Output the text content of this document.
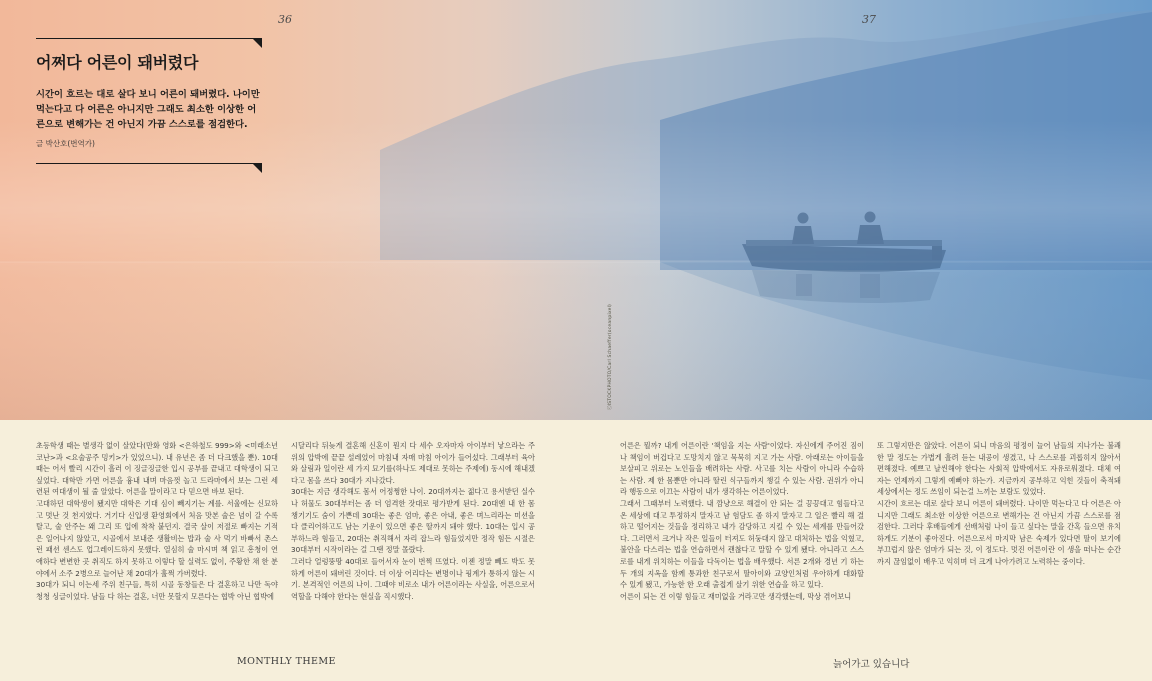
36	37
어쩌다 어른이 돼버렸다

시간이 흐르는 대로 살다 보니 어른이 돼버렸다. 나이만 먹는다고 다 어른은 아니지만 그래도 최소한 이상한 어른으로 변해가는 건 아닌지 가끔 스스로를 점검한다.

글 박산호(번역가)

ⓒISTOCKPHOTO/Carl Schaeffer(oceanpixel)

초등학생 때는 별생각 없이 살았다(만화 영화 <은하철도 999>와 <미래소년 코난>과 <요술공주 밍키>가 있었으니). 내 유년은 좀 더 다크했을 뿐). 10대 때는 어서 빨리 시간이 흘러 이 징글징글한 입시 공부를 끝내고 대학생이 되고 싶었다. 대학만 가면 어른을 흉내 내며 마음껏 놀고 드라마에서 보는 그런 세련된 여대생이 될 줄 알았다. 어른을 말이라고 다 믿으면 바보 된다.

고대하던 대학생이 됐지만 대학은 기대 심이 빼지기는 계를. 서울에는 신묘하고 멋난 것 천지였다. 거기다 신입생 환영회에서 처음 맛본 술은 넘이 갈 수록 탈고, 술 안주는 왜 그리 또 입에 착착 붙던지. 결국 살이 저절로 빠지는 기적은 일어나지 않았고, 시골에서 보내준 생활비는 밥과 술 사 먹기 바빠서 촌스런 패션 센스도 업그레이드하지 못했다. 열심히 술 마시며 책 읽고 흥청이 연애하다 변변한 곳 취직도 하지 못하고 이렇다 할 실력도 없이, 주황한 채 한 분야에서 소주 2병으로 늘어난 채 20대가 훌쩍 가버렸다.

30대가 되니 이는세 주위 친구들, 특히 시골 동창들은 다 결혼하고 나만 독야청청 싱글이었다. 남들 다 하는 결혼, 너만 못할지 모른다는 협박 아닌 협박에

시달리다 뒤늦게 결혼해 신혼이 뭔지 다 세수 오자마자 아이부터 낳으라는 주위의 압박에 끝끝 설레었어 마침내 자매 마침 아이가 들어섰다. 그래부터 육아와 살림과 일이란 세 가지 묘기를(하나도 제대로 못하는 주제에) 동시에 해내겠다고 몸을 쓰다 30대가 지나갔다.

30대는 지금 생각해도 몸서 어정쩡한 나이. 20대까지는 젊다고 용서받던 실수나 허물도 30대부터는 좀 더 엄격한 잣대로 평가받게 된다. 20대엔 내 한 몸 챙기기도 숨이 가쁜데 30대는 좋은 엄마, 좋은 아내, 좋은 며느리라는 미션을 다 클리어하고도 남는 기운이 있으면 좋은 딸까지 돼야 했다. 10대는 입시 공부하느라 힘들고, 20대는 취직해서 자리 잡느라 힘들었지만 정작 힘든 시절은 30대부터 시작이라는 걸 그땐 정말 몰랐다.

그러다 얼렁뚱땅 40대로 들어서자 눈이 번쩍 뜨였다. 이젠 정말 빼도 박도 못하게 어른이 돼버린 것이다. 더 이상 어리다는 변명이나 핑계가 통하지 않는 시기. 본격적인 어른의 나이. 그때야 비로소 내가 어른이라는 사실을, 어른으로서 역할을 다해야 한다는 현실을 직시했다.

어른은 뭘까? 내게 어른이란 '책임을 지는 사람'이었다. 자신에게 주어진 짐이나 책임이 버겁다고 도망치지 않고 묵묵히 지고 가는 사람. 아래로는 아이들을 보살피고 위로는 노인들을 배려하는 사람. 사고를 치는 사람이 아니라 수습하는 사람. 제 한 몸뿐만 아니라 딸린 식구들까지 챙길 수 있는 사람. 권위가 아니라 행동으로 이끄는 사람이 내가 생각하는 어른이었다.

그래서 그때부터 노력했다. 내 깜냥으로 해결이 안 되는 걸 끙끙대고 힘들다고 온 세상에 대고 투정하지 말자고 남 험담도 좀 하지 말자고 그 일은 빨리 해 결하고 떨어지는 것들을 정리하고 내가 감당하고 지킬 수 있는 세계를 만들어갔다. 그러면서 크거나 작은 일들이 터져도 허둥대지 않고 대처하는 법을 익혔고, 불안을 다스리는 법을 연습하면서 괜찮다고 말할 수 있게 됐다. 아니라고 스스로를 내게 위치하는 이들을 다독이는 법을 배우했다. 서른 2개와 경년 기 하는 두 개의 지옥을 함께 통과한 친구로서 딸아이와 교양인처럼 우아하게 대화할 수 있게 됐고, 가능한 한 오래 출접게 살기 위한 연습을 하고 있다.

어른이 되는 건 이렇 힘들고 재미없을 거라고만 생각했는데, 막상 겪어보니

또 그렇지만은 않았다. 어른이 되니 마음의 평정이 늘어 남들의 지나가는 불쾌한 말 정도는 가볍게 흘려 듣는 내공이 생겼고, 나 스스로를 괴롭히지 않아서 편해졌다. 예쁘고 날씬해야 한다는 사회적 압박에서도 자유로워졌다. 대체 여자는 언제까지 그렇게 예뻐야 하는가. 지금까지 공부하고 익힌 것들이 축적돼 세상에서는 정도 쓰임이 되는걸 느끼는 보람도 있었다.

시간이 흐르는 대로 살다 보니 어른이 돼버렸다. 나이만 먹는다고 다 어른은 아니지만 그래도 최소한 이상한 어른으로 변해가는 건 아닌지 가끔 스스로를 점검한다. 그러다 후배들에게 선배처럼 나이 들고 싶다는 말을 간혹 들으면 유치하게도 기분이 좋아진다. 어른으로서 마지막 남은 숙제가 있다면 딸이 보기에 부끄럽지 않은 엄마가 되는 것, 이 정도다. 멋진 어른이란 이 생을 떠나는 순간까지 끊임없이 배우고 익히며 더 크게 나아가려고 노력하는 중이다.

MONTHLY THEME	늙어가고 있습니다
